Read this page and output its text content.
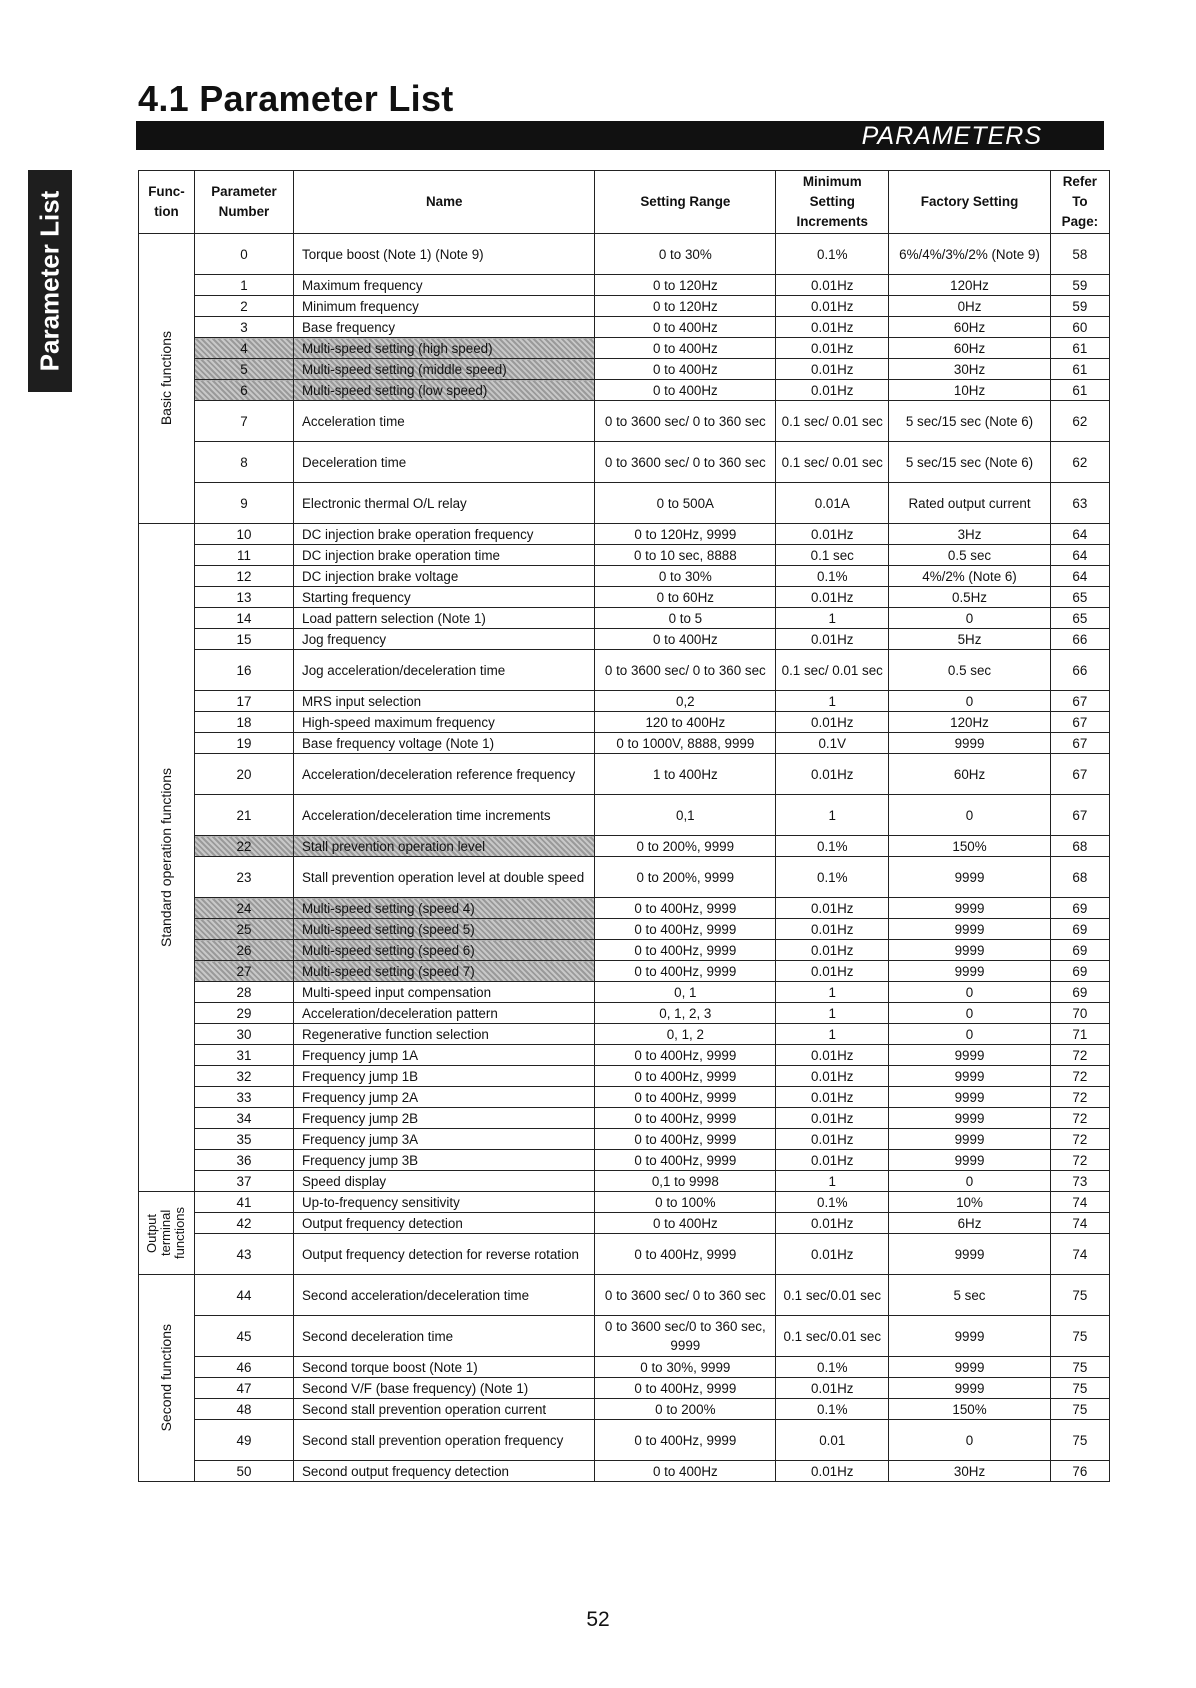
4.1 Parameter List
PARAMETERS
Parameter List	Func- tion	Parameter Number	Name	Setting Range	Minimum Setting Increments	Factory Setting	Refer To Page:

Basic functions	0	Torque boost (Note 1) (Note 9)	0 to 30%	0.1%	6%/4%/3%/2% (Note 9)	58
	1	Maximum frequency	0 to 120Hz	0.01Hz	120Hz	59
	2	Minimum frequency	0 to 120Hz	0.01Hz	0Hz	59
	3	Base frequency	0 to 400Hz	0.01Hz	60Hz	60
	4	Multi-speed setting (high speed)	0 to 400Hz	0.01Hz	60Hz	61
	5	Multi-speed setting (middle speed)	0 to 400Hz	0.01Hz	30Hz	61
	6	Multi-speed setting (low speed)	0 to 400Hz	0.01Hz	10Hz	61
	7	Acceleration time	0 to 3600 sec/ 0 to 360 sec	0.1 sec/ 0.01 sec	5 sec/15 sec (Note 6)	62
	8	Deceleration time	0 to 3600 sec/ 0 to 360 sec	0.1 sec/ 0.01 sec	5 sec/15 sec (Note 6)	62
	9	Electronic thermal O/L relay	0 to 500A	0.01A	Rated output current	63

Standard operation functions	10	DC injection brake operation frequency	0 to 120Hz, 9999	0.01Hz	3Hz	64
	11	DC injection brake operation time	0 to 10 sec, 8888	0.1 sec	0.5 sec	64
	12	DC injection brake voltage	0 to 30%	0.1%	4%/2% (Note 6)	64
	13	Starting frequency	0 to 60Hz	0.01Hz	0.5Hz	65
	14	Load pattern selection (Note 1)	0 to 5	1	0	65
	15	Jog frequency	0 to 400Hz	0.01Hz	5Hz	66
	16	Jog acceleration/deceleration time	0 to 3600 sec/ 0 to 360 sec	0.1 sec/ 0.01 sec	0.5 sec	66
	17	MRS input selection	0,2	1	0	67
	18	High-speed maximum frequency	120 to 400Hz	0.01Hz	120Hz	67
	19	Base frequency voltage (Note 1)	0 to 1000V, 8888, 9999	0.1V	9999	67
	20	Acceleration/deceleration reference frequency	1 to 400Hz	0.01Hz	60Hz	67
	21	Acceleration/deceleration time increments	0,1	1	0	67
	22	Stall prevention operation level	0 to 200%, 9999	0.1%	150%	68
	23	Stall prevention operation level at double speed	0 to 200%, 9999	0.1%	9999	68
	24	Multi-speed setting (speed 4)	0 to 400Hz, 9999	0.01Hz	9999	69
	25	Multi-speed setting (speed 5)	0 to 400Hz, 9999	0.01Hz	9999	69
	26	Multi-speed setting (speed 6)	0 to 400Hz, 9999	0.01Hz	9999	69
	27	Multi-speed setting (speed 7)	0 to 400Hz, 9999	0.01Hz	9999	69
	28	Multi-speed input compensation	0, 1	1	0	69
	29	Acceleration/deceleration pattern	0, 1, 2, 3	1	0	70
	30	Regenerative function selection	0, 1, 2	1	0	71
	31	Frequency jump 1A	0 to 400Hz, 9999	0.01Hz	9999	72
	32	Frequency jump 1B	0 to 400Hz, 9999	0.01Hz	9999	72
	33	Frequency jump 2A	0 to 400Hz, 9999	0.01Hz	9999	72
	34	Frequency jump 2B	0 to 400Hz, 9999	0.01Hz	9999	72
	35	Frequency jump 3A	0 to 400Hz, 9999	0.01Hz	9999	72
	36	Frequency jump 3B	0 to 400Hz, 9999	0.01Hz	9999	72
	37	Speed display	0,1 to 9998	1	0	73

Output terminal functions	41	Up-to-frequency sensitivity	0 to 100%	0.1%	10%	74
	42	Output frequency detection	0 to 400Hz	0.01Hz	6Hz	74
	43	Output frequency detection for reverse rotation	0 to 400Hz, 9999	0.01Hz	9999	74

Second functions	44	Second acceleration/deceleration time	0 to 3600 sec/ 0 to 360 sec	0.1 sec/0.01 sec	5 sec	75
	45	Second deceleration time	0 to 3600 sec/0 to 360 sec, 9999	0.1 sec/0.01 sec	9999	75
	46	Second torque boost (Note 1)	0 to 30%, 9999	0.1%	9999	75
	47	Second V/F (base frequency) (Note 1)	0 to 400Hz, 9999	0.01Hz	9999	75
	48	Second stall prevention operation current	0 to 200%	0.1%	150%	75
	49	Second stall prevention operation frequency	0 to 400Hz, 9999	0.01	0	75
	50	Second output frequency detection	0 to 400Hz	0.01Hz	30Hz	76
52
